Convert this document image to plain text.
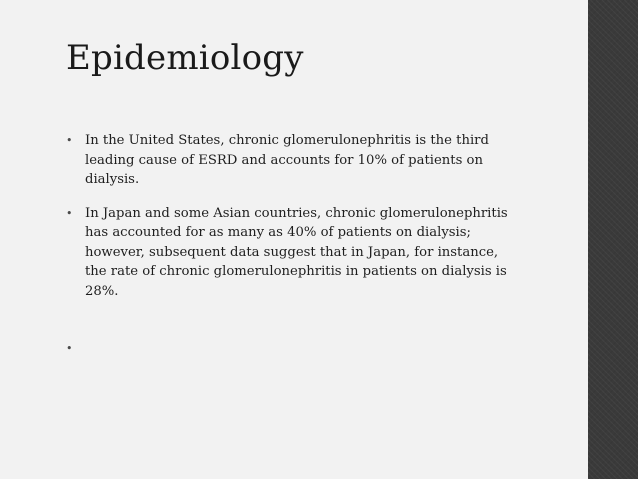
Epidemiology
• In the United States, chronic glomerulonephritis is the third leading cause of ESRD and accounts for 10% of patients on dialysis.
• In Japan and some Asian countries, chronic glomerulonephritis has accounted for as many as 40% of patients on dialysis; however, subsequent data suggest that in Japan, for instance, the rate of chronic glomerulonephritis in patients on dialysis is 28%.
•
